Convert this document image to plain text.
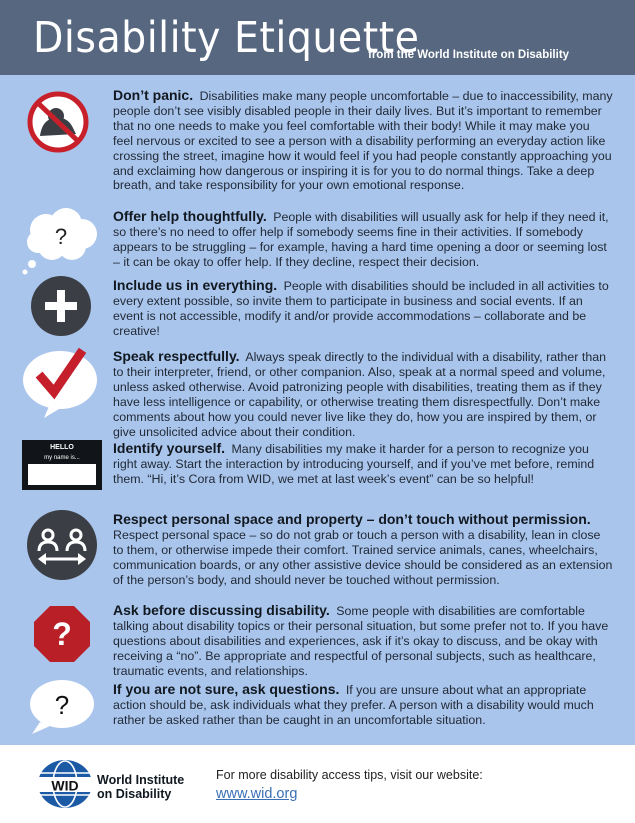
Disability Etiquette
from the World Institute on Disability
Don’t panic. Disabilities make many people uncomfortable – due to inaccessibility, many people don’t see visibly disabled people in their daily lives. But it’s important to remember that no one needs to make you feel comfortable with their body! While it may make you feel nervous or excited to see a person with a disability performing an everyday action like crossing the street, imagine how it would feel if you had people constantly approaching you and exclaiming how dangerous or inspiring it is for you to do normal things. Take a deep breath, and take responsibility for your own emotional response.
?
Offer help thoughtfully. People with disabilities will usually ask for help if they need it, so there’s no need to offer help if somebody seems fine in their activities. If somebody appears to be struggling – for example, having a hard time opening a door or seeming lost – it can be okay to offer help. If they decline, respect their decision.
Include us in everything. People with disabilities should be included in all activities to every extent possible, so invite them to participate in business and social events. If an event is not accessible, modify it and/or provide accommodations – collaborate and be creative!
Speak respectfully. Always speak directly to the individual with a disability, rather than to their interpreter, friend, or other companion. Also, speak at a normal speed and volume, unless asked otherwise. Avoid patronizing people with disabilities, treating them as if they have less intelligence or capability, or otherwise treating them disrespectfully. Don’t make comments about how you could never live like they do, how you are inspired by them, or give unsolicited advice about their condition.
HELLO
my name is...
Identify yourself. Many disabilities my make it harder for a person to recognize you right away. Start the interaction by introducing yourself, and if you’ve met before, remind them. “Hi, it’s Cora from WID, we met at last week’s event” can be so helpful!
Respect personal space and property – don’t touch without permission.
Respect personal space – so do not grab or touch a person with a disability, lean in close to them, or otherwise impede their comfort. Trained service animals, canes, wheelchairs, communication boards, or any other assistive device should be considered as an extension of the person’s body, and should never be touched without permission.
?
Ask before discussing disability. Some people with disabilities are comfortable talking about disability topics or their personal situation, but some prefer not to. If you have questions about disabilities and experiences, ask if it’s okay to discuss, and be okay with receiving a “no”. Be appropriate and respectful of personal subjects, such as healthcare, traumatic events, and relationships.
?
If you are not sure, ask questions. If you are unsure about what an appropriate action should be, ask individuals what they prefer. A person with a disability would much rather be asked rather than be caught in an uncomfortable situation.
WID World Institute
on Disability
For more disability access tips, visit our website:
www.wid.org
